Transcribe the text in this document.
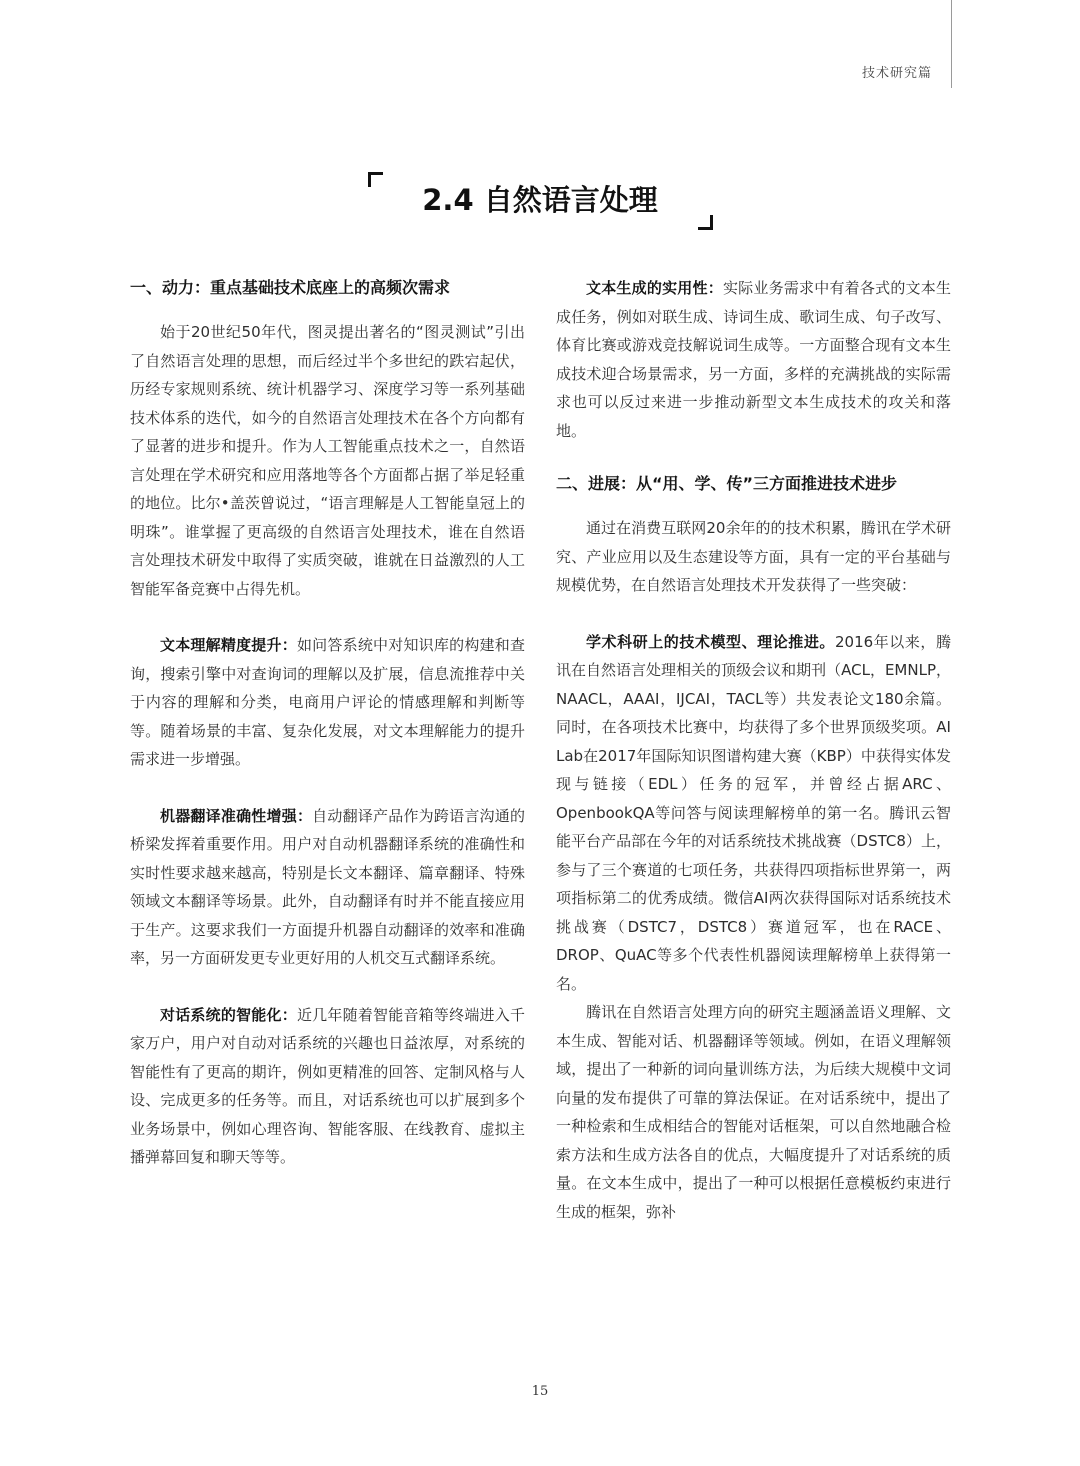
技术研究篇
2.4 自然语言处理
一、动力：重点基础技术底座上的高频次需求

始于20世纪50年代，图灵提出著名的“图灵测试”引出了自然语言处理的思想，而后经过半个多世纪的跌宕起伏，历经专家规则系统、统计机器学习、深度学习等一系列基础技术体系的迭代，如今的自然语言处理技术在各个方向都有了显著的进步和提升。作为人工智能重点技术之一，自然语言处理在学术研究和应用落地等各个方面都占据了举足轻重的地位。比尔•盖茨曾说过，“语言理解是人工智能皇冠上的明珠”。谁掌握了更高级的自然语言处理技术，谁在自然语言处理技术研发中取得了实质突破，谁就在日益激烈的人工智能军备竞赛中占得先机。

文本理解精度提升：如问答系统中对知识库的构建和查询，搜索引擎中对查询词的理解以及扩展，信息流推荐中关于内容的理解和分类，电商用户评论的情感理解和判断等等。随着场景的丰富、复杂化发展，对文本理解能力的提升需求进一步增强。

机器翻译准确性增强：自动翻译产品作为跨语言沟通的桥梁发挥着重要作用。用户对自动机器翻译系统的准确性和实时性要求越来越高，特别是长文本翻译、篇章翻译、特殊领域文本翻译等场景。此外，自动翻译有时并不能直接应用于生产。这要求我们一方面提升机器自动翻译的效率和准确率，另一方面研发更专业更好用的人机交互式翻译系统。

对话系统的智能化：近几年随着智能音箱等终端进入千家万户，用户对自动对话系统的兴趣也日益浓厚，对系统的智能性有了更高的期许，例如更精准的回答、定制风格与人设、完成更多的任务等。而且，对话系统也可以扩展到多个业务场景中，例如心理咨询、智能客服、在线教育、虚拟主播弹幕回复和聊天等等。

文本生成的实用性：实际业务需求中有着各式的文本生成任务，例如对联生成、诗词生成、歌词生成、句子改写、体育比赛或游戏竞技解说词生成等。一方面整合现有文本生成技术迎合场景需求，另一方面，多样的充满挑战的实际需求也可以反过来进一步推动新型文本生成技术的攻关和落地。

二、进展：从“用、学、传”三方面推进技术进步

通过在消费互联网20余年的的技术积累，腾讯在学术研究、产业应用以及生态建设等方面，具有一定的平台基础与规模优势，在自然语言处理技术开发获得了一些突破：

学术科研上的技术模型、理论推进。2016年以来，腾讯在自然语言处理相关的顶级会议和期刊（ACL，EMNLP，NAACL，AAAI，IJCAI，TACL等）共发表论文180余篇。同时，在各项技术比赛中，均获得了多个世界顶级奖项。AI Lab在2017年国际知识图谱构建大赛（KBP）中获得实体发现与链接（EDL）任务的冠军，并曾经占据ARC、OpenbookQA等问答与阅读理解榜单的第一名。腾讯云智能平台产品部在今年的对话系统技术挑战赛（DSTC8）上，参与了三个赛道的七项任务，共获得四项指标世界第一，两项指标第二的优秀成绩。微信AI两次获得国际对话系统技术挑战赛（DSTC7，DSTC8）赛道冠军，也在RACE、DROP、QuAC等多个代表性机器阅读理解榜单上获得第一名。

腾讯在自然语言处理方向的研究主题涵盖语义理解、文本生成、智能对话、机器翻译等领域。例如，在语义理解领域，提出了一种新的词向量训练方法，为后续大规模中文词向量的发布提供了可靠的算法保证。在对话系统中，提出了一种检索和生成相结合的智能对话框架，可以自然地融合检索方法和生成方法各自的优点，大幅度提升了对话系统的质量。在文本生成中，提出了一种可以根据任意模板约束进行生成的框架，弥补

15
